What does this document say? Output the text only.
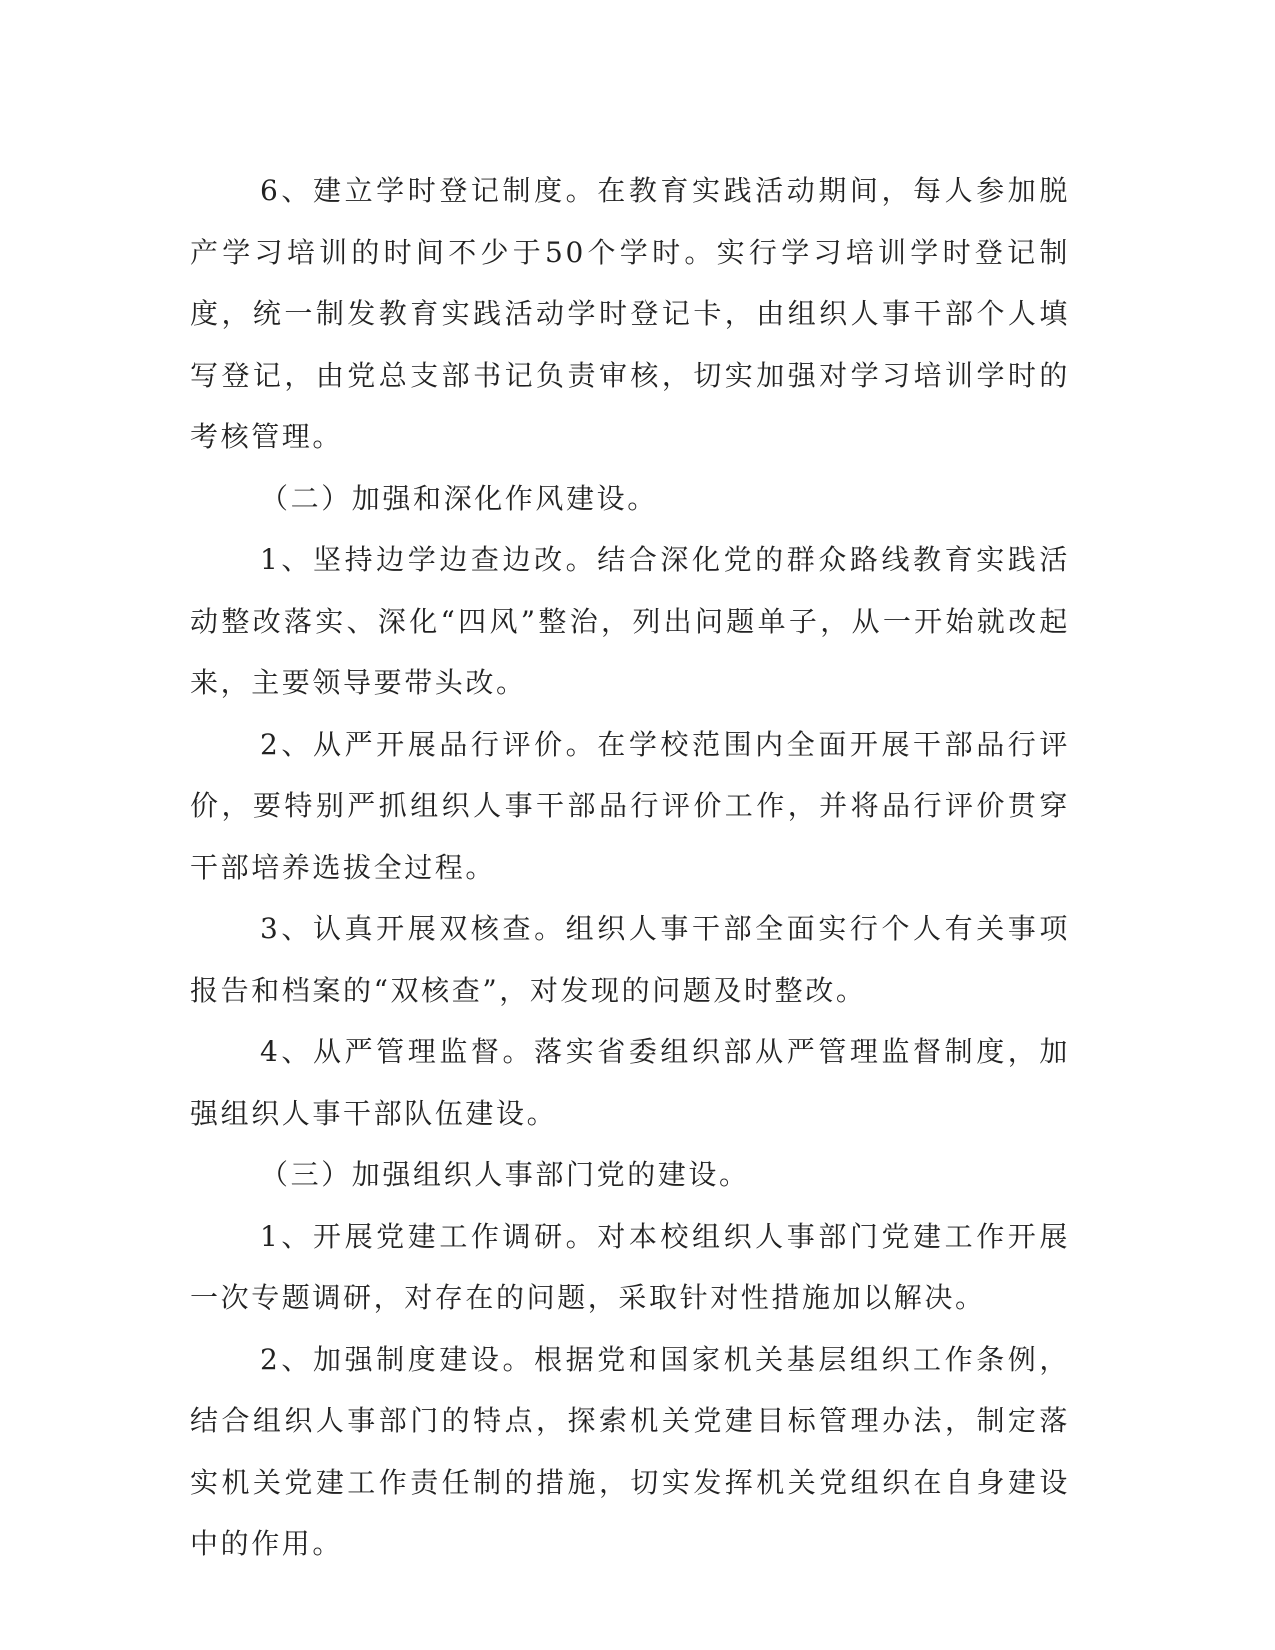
6、建立学时登记制度。在教育实践活动期间，每人参加脱产学习培训的时间不少于50个学时。实行学习培训学时登记制度，统一制发教育实践活动学时登记卡，由组织人事干部个人填写登记，由党总支部书记负责审核，切实加强对学习培训学时的考核管理。

（二）加强和深化作风建设。

1、坚持边学边查边改。结合深化党的群众路线教育实践活动整改落实、深化“四风”整治，列出问题单子，从一开始就改起来，主要领导要带头改。

2、从严开展品行评价。在学校范围内全面开展干部品行评价，要特别严抓组织人事干部品行评价工作，并将品行评价贯穿干部培养选拔全过程。

3、认真开展双核查。组织人事干部全面实行个人有关事项报告和档案的“双核查”，对发现的问题及时整改。

4、从严管理监督。落实省委组织部从严管理监督制度，加强组织人事干部队伍建设。

（三）加强组织人事部门党的建设。

1、开展党建工作调研。对本校组织人事部门党建工作开展一次专题调研，对存在的问题，采取针对性措施加以解决。

2、加强制度建设。根据党和国家机关基层组织工作条例，结合组织人事部门的特点，探索机关党建目标管理办法，制定落实机关党建工作责任制的措施，切实发挥机关党组织在自身建设中的作用。
